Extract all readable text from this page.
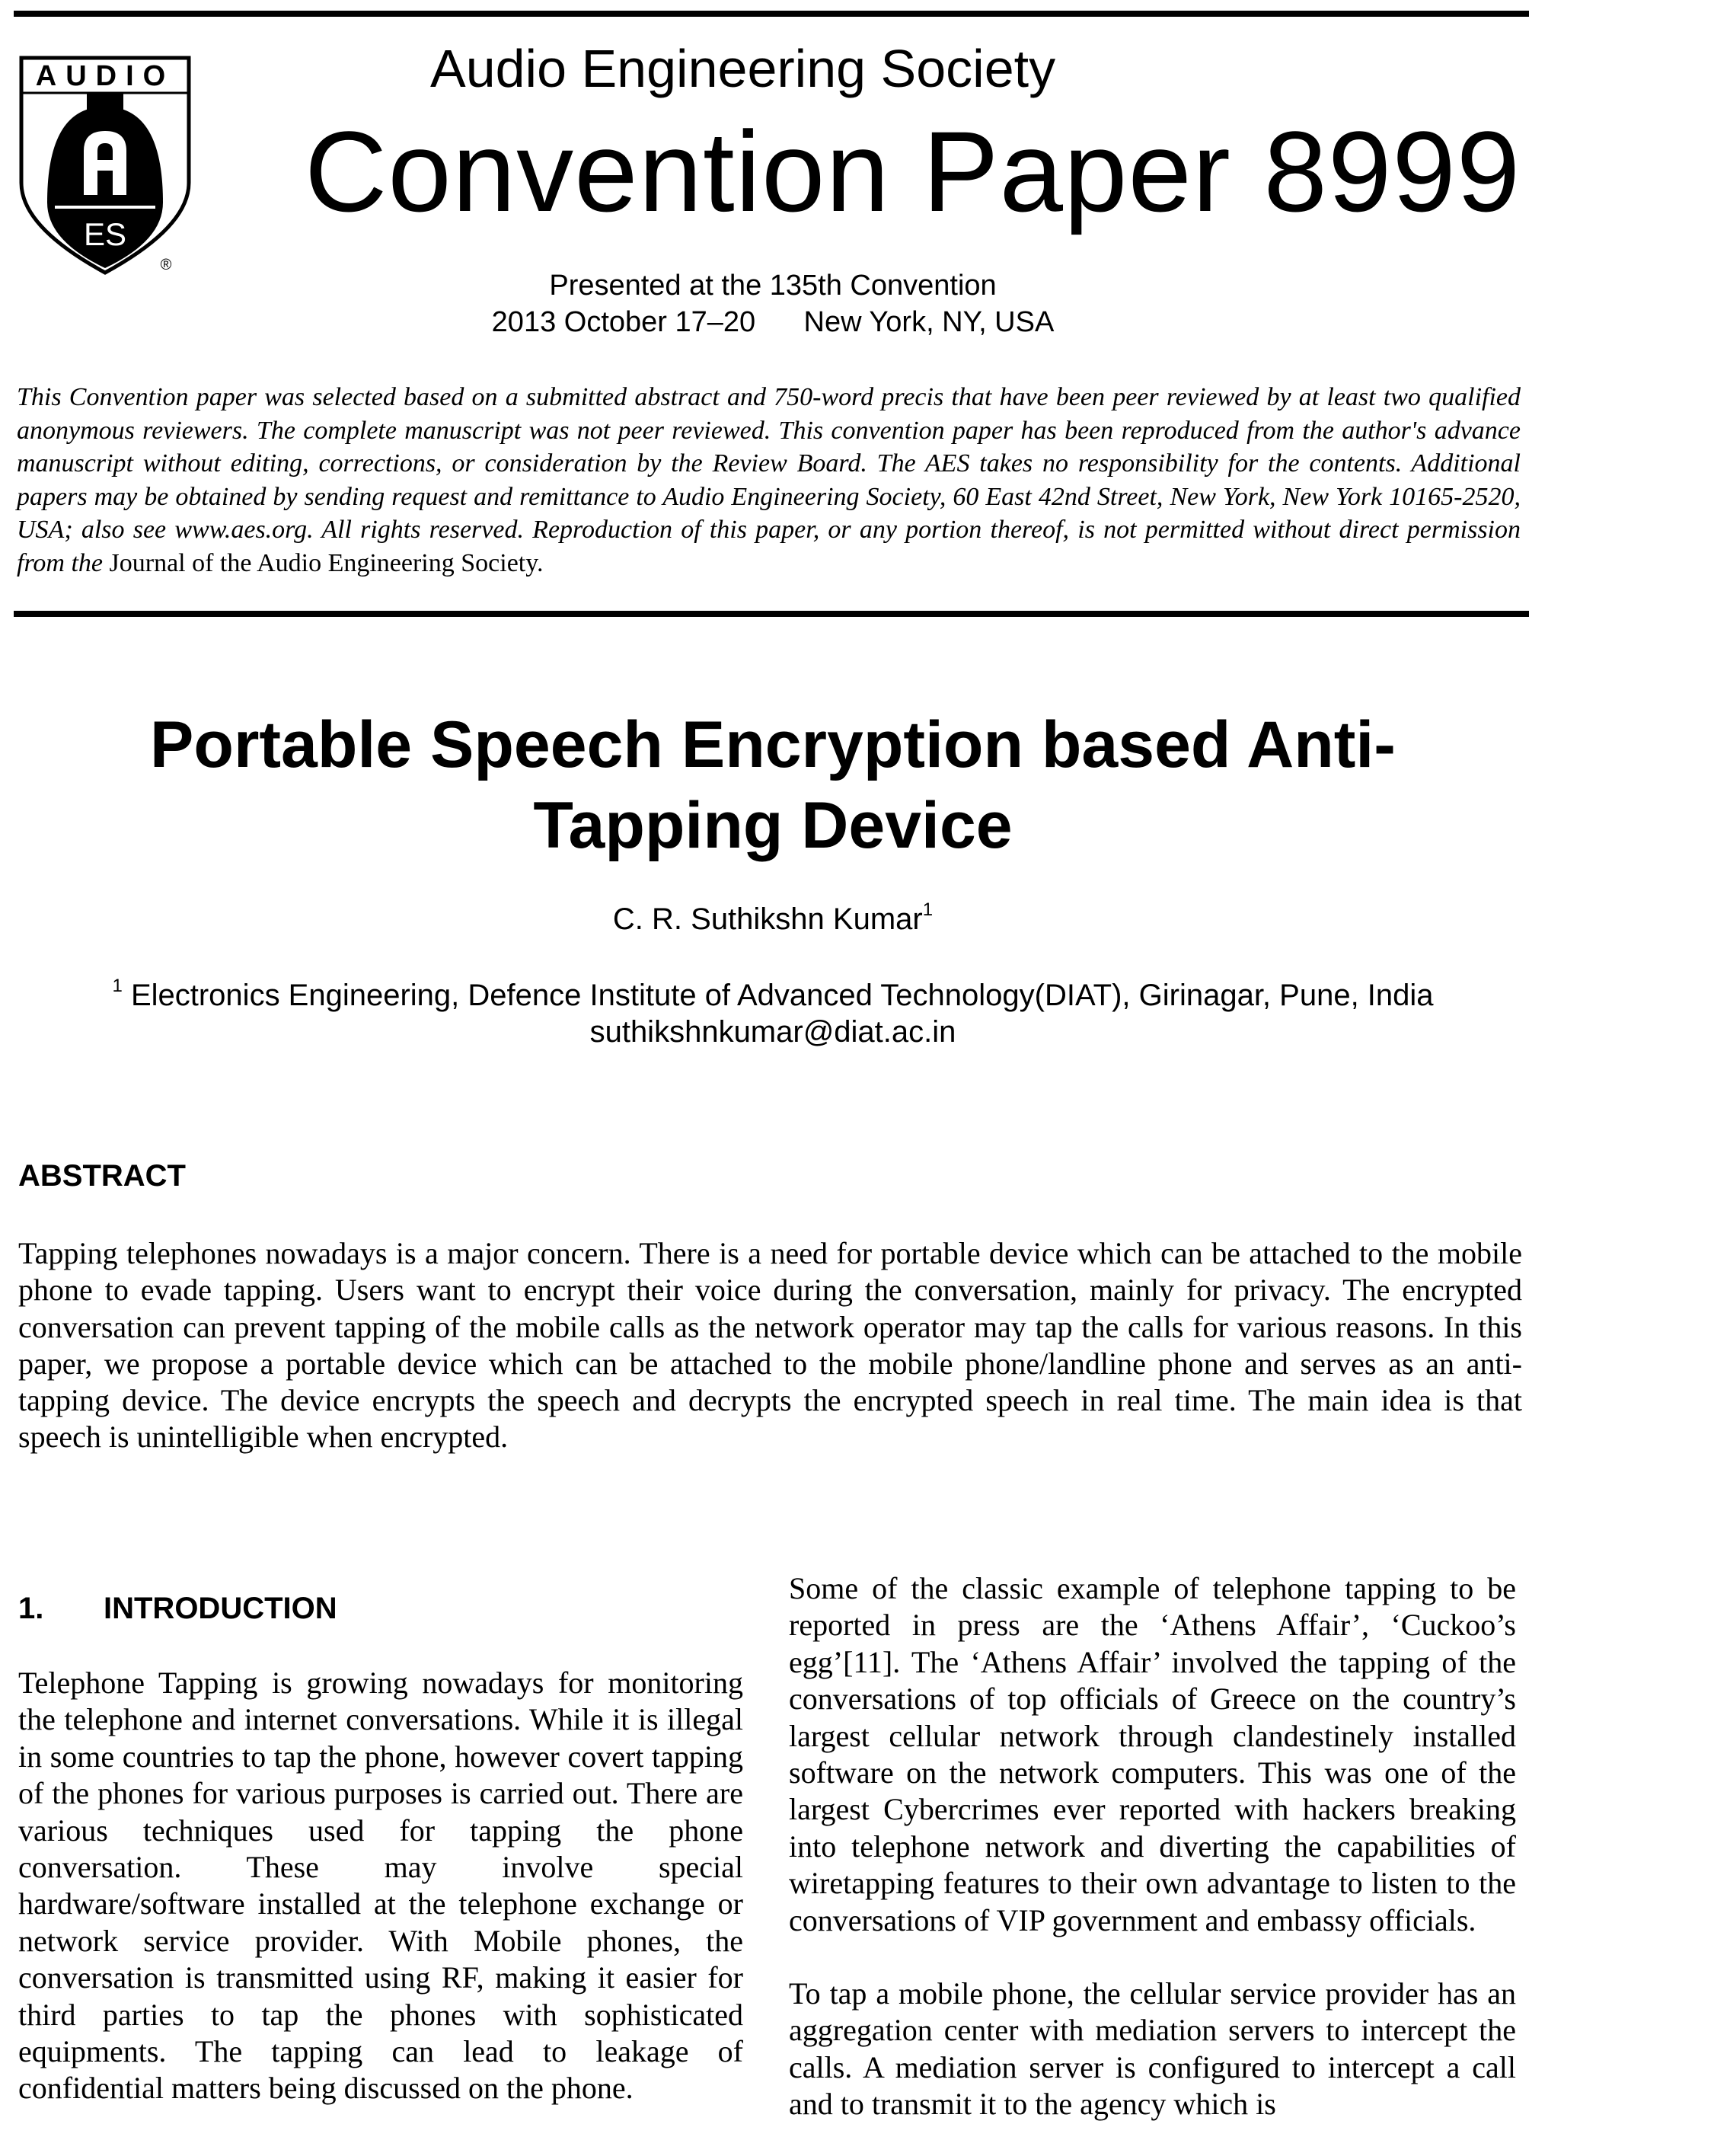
AUDIO
ES
®
Audio Engineering Society
Convention Paper 8999
Presented at the 135th Convention
2013 October 17–20 New York, NY, USA
This Convention paper was selected based on a submitted abstract and 750-word precis that have been peer reviewed by at least two qualified anonymous reviewers. The complete manuscript was not peer reviewed. This convention paper has been reproduced from the author's advance manuscript without editing, corrections, or consideration by the Review Board. The AES takes no responsibility for the contents. Additional papers may be obtained by sending request and remittance to Audio Engineering Society, 60 East 42nd Street, New York, New York 10165-2520, USA; also see www.aes.org. All rights reserved. Reproduction of this paper, or any portion thereof, is not permitted without direct permission from the Journal of the Audio Engineering Society.
Portable Speech Encryption based Anti-Tapping Device
C. R. Suthikshn Kumar$^1$
$^1$ Electronics Engineering, Defence Institute of Advanced Technology(DIAT), Girinagar, Pune, India
suthikshnkumar@diat.ac.in
ABSTRACT
Tapping telephones nowadays is a major concern. There is a need for portable device which can be attached to the mobile phone to evade tapping. Users want to encrypt their voice during the conversation, mainly for privacy. The encrypted conversation can prevent tapping of the mobile calls as the network operator may tap the calls for various reasons. In this paper, we propose a portable device which can be attached to the mobile phone/landline phone and serves as an anti-tapping device. The device encrypts the speech and decrypts the encrypted speech in real time. The main idea is that speech is unintelligible when encrypted.
1. INTRODUCTION
Telephone Tapping is growing nowadays for monitoring the telephone and internet conversations. While it is illegal in some countries to tap the phone, however covert tapping of the phones for various purposes is carried out. There are various techniques used for tapping the phone conversation. These may involve special hardware/software installed at the telephone exchange or network service provider. With Mobile phones, the conversation is transmitted using RF, making it easier for third parties to tap the phones with sophisticated equipments. The tapping can lead to leakage of confidential matters being discussed on the phone.

Some of the classic example of telephone tapping to be reported in press are the ‘Athens Affair’, ‘Cuckoo’s egg’[11]. The ‘Athens Affair’ involved the tapping of the conversations of top officials of Greece on the country’s largest cellular network through clandestinely installed software on the network computers. This was one of the largest Cybercrimes ever reported with hackers breaking into telephone network and diverting the capabilities of wiretapping features to their own advantage to listen to the conversations of VIP government and embassy officials.

To tap a mobile phone, the cellular service provider has an aggregation center with mediation servers to intercept the calls. A mediation server is configured to intercept a call and to transmit it to the agency which is
